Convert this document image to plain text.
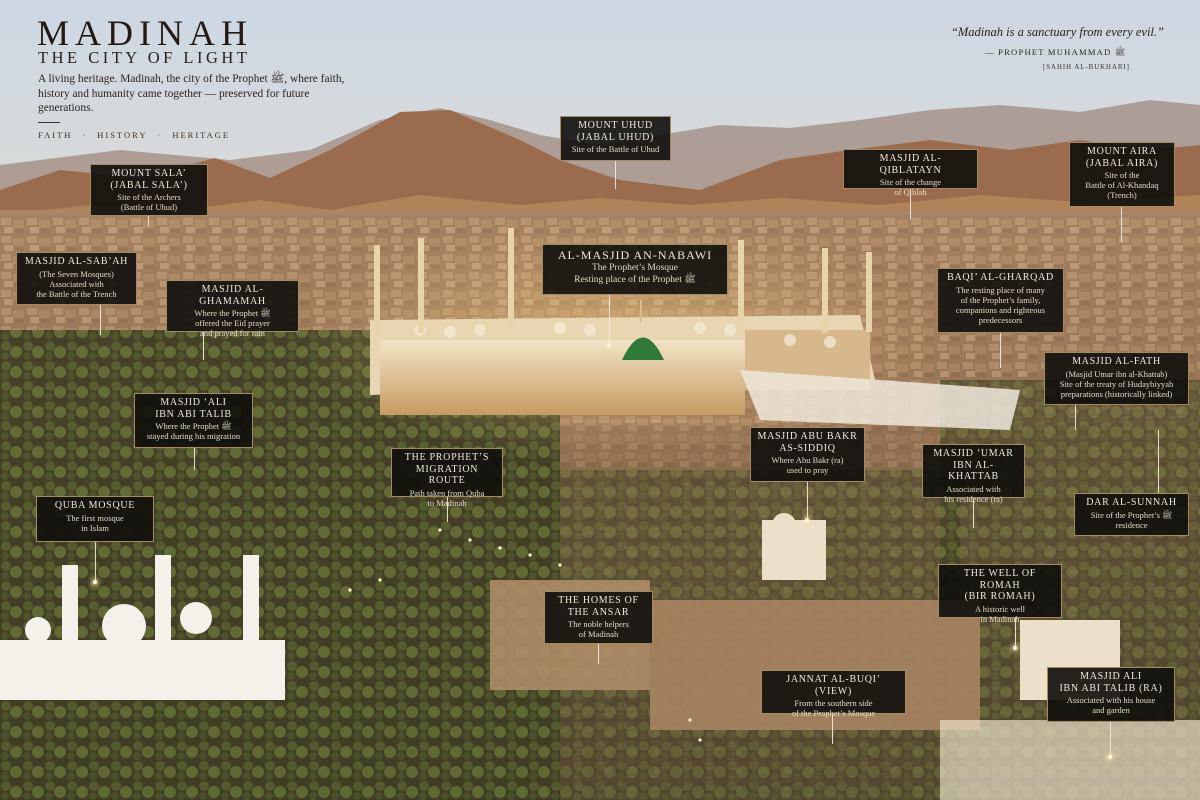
MADINAH

THE CITY OF LIGHT

A living heritage. Madinah, the city of the Prophet ﷺ, where faith, history and humanity came together — preserved for future generations.

FAITH · HISTORY · HERITAGE

“Madinah is a sanctuary from every evil.”

— PROPHET MUHAMMAD ﷺ

[SAHIH AL-BUKHARI]

MOUNT SALA’
(JABAL SALA’)
Site of the Archers
(Battle of Uhud)
MOUNT UHUD
(JABAL UHUD)
Site of the Battle of Uhud
MASJID AL-QIBLATAYN
Site of the change
of Qiblah
MOUNT AIRA
(JABAL AIRA)
Site of the
Battle of Al-Khandaq
(Trench)
MASJID AL-SAB’AH
(The Seven Mosques)
Associated with
the Battle of the Trench	MASJID AL-GHAMAMAH
Where the Prophet ﷺ
offered the Eid prayer
and prayed for rain
AL-MASJID AN-NABAWI
The Prophet’s Mosque
Resting place of the Prophet ﷺ	BAQI’ AL-GHARQAD
The resting place of many
of the Prophet’s family,
companions and righteous
predecessors
MASJID AL-FATH
(Masjid Umar ibn al-Khattab)
Site of the treaty of Hudaybiyyah
preparations (historically linked)
MASJID ‘ALI
IBN ABI TALIB
Where the Prophet ﷺ
stayed during his migration
THE PROPHET’S
MIGRATION ROUTE
Path taken from Quba
to Madinah
MASJID ABU BAKR
AS-SIDDIQ
Where Abu Bakr (ra)
used to pray
MASJID ‘UMAR
IBN AL-KHATTAB
Associated with
his residence (ra)	DAR AL-SUNNAH
Site of the Prophet’s ﷺ
residence
QUBA MOSQUE
The first mosque
in Islam
THE HOMES OF
THE ANSAR
The noble helpers
of Madinah
THE WELL OF ROMAH
(BIR ROMAH)
A historic well
in Madinah
JANNAT AL-BUQI’ (VIEW)
From the southern side
of the Prophet’s Mosque
MASJID ALI
IBN ABI TALIB (RA)
Associated with his house
and garden
